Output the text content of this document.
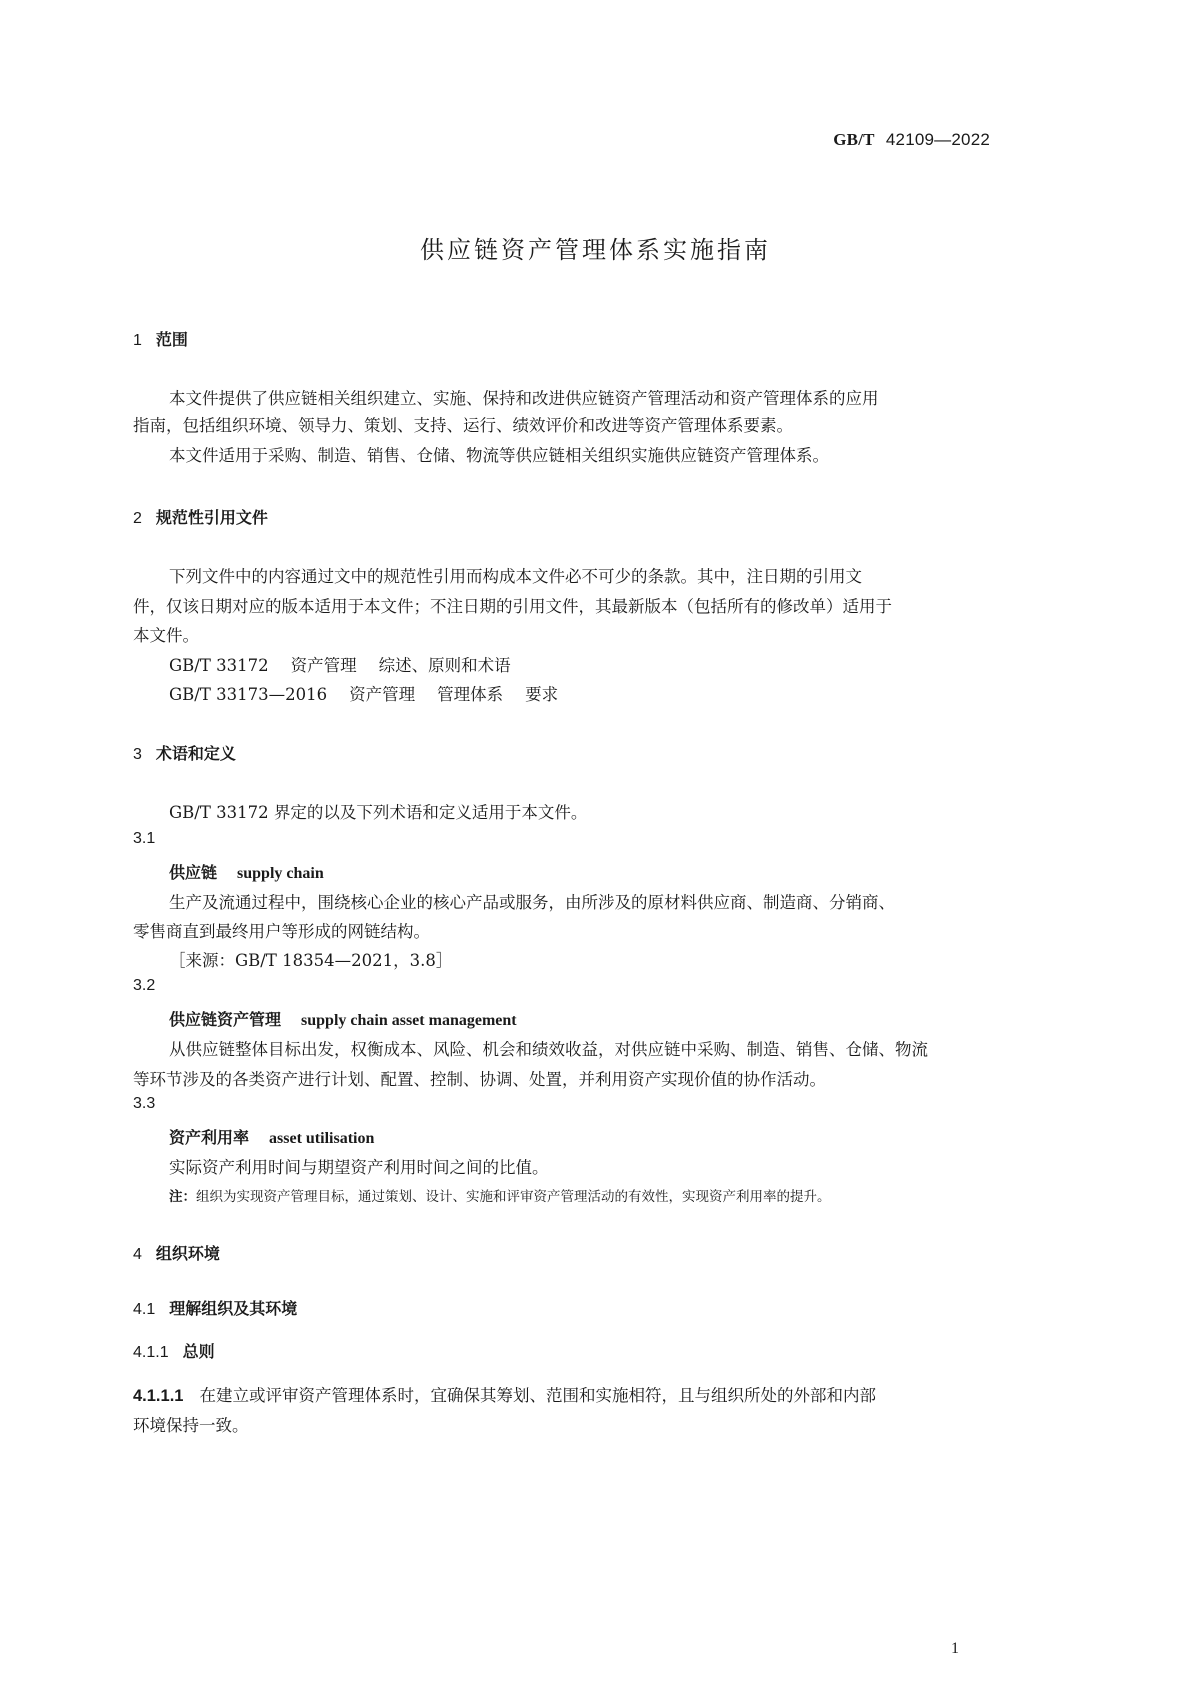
GB/T 42109—2022
供应链资产管理体系实施指南
1 范围
本文件提供了供应链相关组织建立、实施、保持和改进供应链资产管理活动和资产管理体系的应用
指南，包括组织环境、领导力、策划、支持、运行、绩效评价和改进等资产管理体系要素。
本文件适用于采购、制造、销售、仓储、物流等供应链相关组织实施供应链资产管理体系。
2 规范性引用文件
下列文件中的内容通过文中的规范性引用而构成本文件必不可少的条款。其中，注日期的引用文
件，仅该日期对应的版本适用于本文件；不注日期的引用文件，其最新版本（包括所有的修改单）适用于
本文件。
GB/T 33172 资产管理 综述、原则和术语
GB/T 33173—2016 资产管理 管理体系 要求
3 术语和定义
GB/T 33172 界定的以及下列术语和定义适用于本文件。
3.1
供应链 supply chain
生产及流通过程中，围绕核心企业的核心产品或服务，由所涉及的原材料供应商、制造商、分销商、
零售商直到最终用户等形成的网链结构。
［来源：GB/T 18354—2021，3.8］
3.2
供应链资产管理 supply chain asset management
从供应链整体目标出发，权衡成本、风险、机会和绩效收益，对供应链中采购、制造、销售、仓储、物流
等环节涉及的各类资产进行计划、配置、控制、协调、处置，并利用资产实现价值的协作活动。
3.3
资产利用率 asset utilisation
实际资产利用时间与期望资产利用时间之间的比值。
注：组织为实现资产管理目标，通过策划、设计、实施和评审资产管理活动的有效性，实现资产利用率的提升。
4 组织环境
4.1 理解组织及其环境
4.1.1 总则
4.1.1.1 在建立或评审资产管理体系时，宜确保其筹划、范围和实施相符，且与组织所处的外部和内部
环境保持一致。
1
